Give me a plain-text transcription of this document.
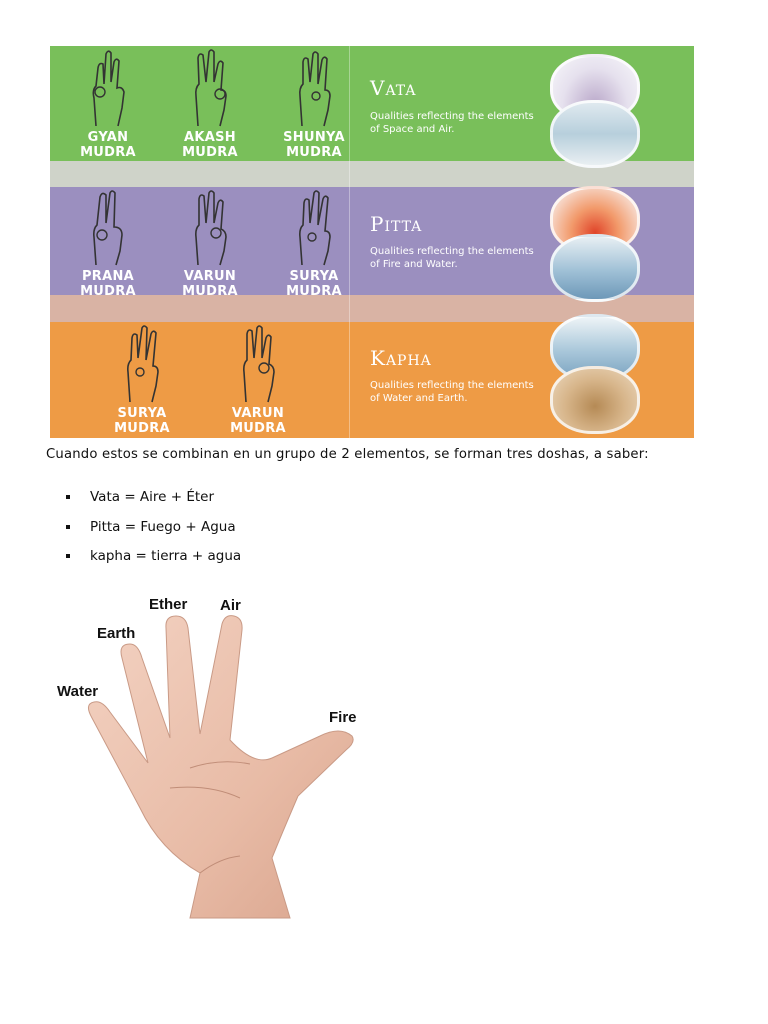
GYAN
MUDRA
AKASH
MUDRA
SHUNYA
MUDRA
Vata
Qualities reflecting the elements of Space and Air.
PRANA
MUDRA
VARUN
MUDRA
SURYA
MUDRA
Pitta
Qualities reflecting the elements of Fire and Water.
SURYA
MUDRA
VARUN
MUDRA
Kapha
Qualities reflecting the elements of Water and Earth.
Cuando estos se combinan en un grupo de 2 elementos, se forman tres doshas, a saber:
Vata = Aire + Éter
Pitta = Fuego + Agua
kapha = tierra + agua
Water
Earth
Ether Air
Fire
